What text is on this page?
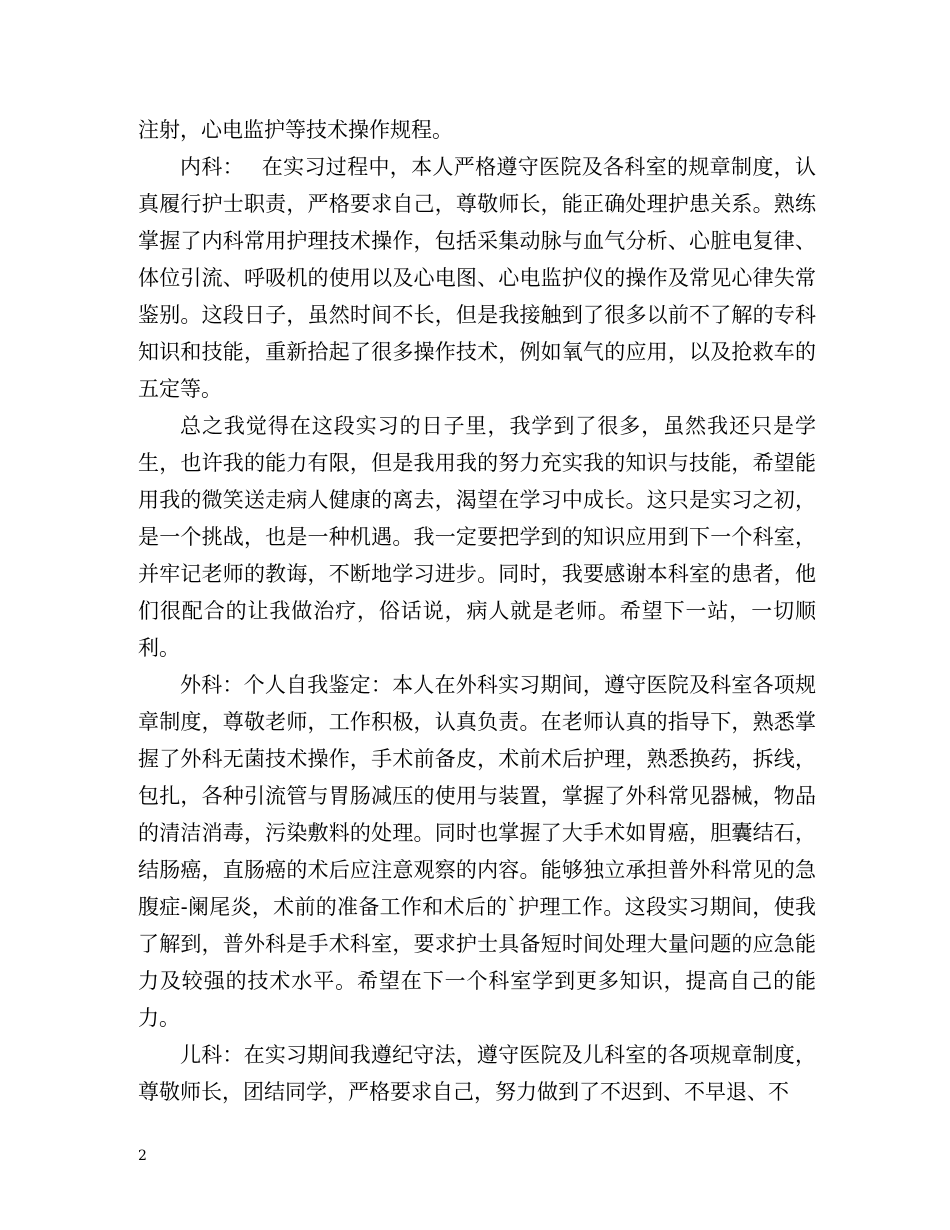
注射，心电监护等技术操作规程。

内科：　 在实习过程中，本人严格遵守医院及各科室的规章制度，认真履行护士职责，严格要求自己，尊敬师长，能正确处理护患关系。熟练掌握了内科常用护理技术操作，包括采集动脉与血气分析、心脏电复律、体位引流、呼吸机的使用以及心电图、心电监护仪的操作及常见心律失常鉴别。这段日子，虽然时间不长，但是我接触到了很多以前不了解的专科知识和技能，重新拾起了很多操作技术，例如氧气的应用，以及抢救车的五定等。

总之我觉得在这段实习的日子里，我学到了很多，虽然我还只是学生，也许我的能力有限，但是我用我的努力充实我的知识与技能，希望能用我的微笑送走病人健康的离去，渴望在学习中成长。这只是实习之初，是一个挑战，也是一种机遇。我一定要把学到的知识应用到下一个科室，并牢记老师的教诲，不断地学习进步。同时，我要感谢本科室的患者，他们很配合的让我做治疗，俗话说，病人就是老师。希望下一站，一切顺利。

外科：个人自我鉴定：本人在外科实习期间，遵守医院及科室各项规章制度，尊敬老师，工作积极，认真负责。在老师认真的指导下，熟悉掌握了外科无菌技术操作，手术前备皮，术前术后护理，熟悉换药，拆线，包扎，各种引流管与胃肠减压的使用与装置，掌握了外科常见器械，物品的清洁消毒，污染敷料的处理。同时也掌握了大手术如胃癌，胆囊结石，结肠癌，直肠癌的术后应注意观察的内容。能够独立承担普外科常见的急腹症-阑尾炎，术前的准备工作和术后的`护理工作。这段实习期间，使我了解到，普外科是手术科室，要求护士具备短时间处理大量问题的应急能力及较强的技术水平。希望在下一个科室学到更多知识，提高自己的能力。

儿科：在实习期间我遵纪守法，遵守医院及儿科室的各项规章制度，尊敬师长，团结同学，严格要求自己，努力做到了不迟到、不早退、不

2
